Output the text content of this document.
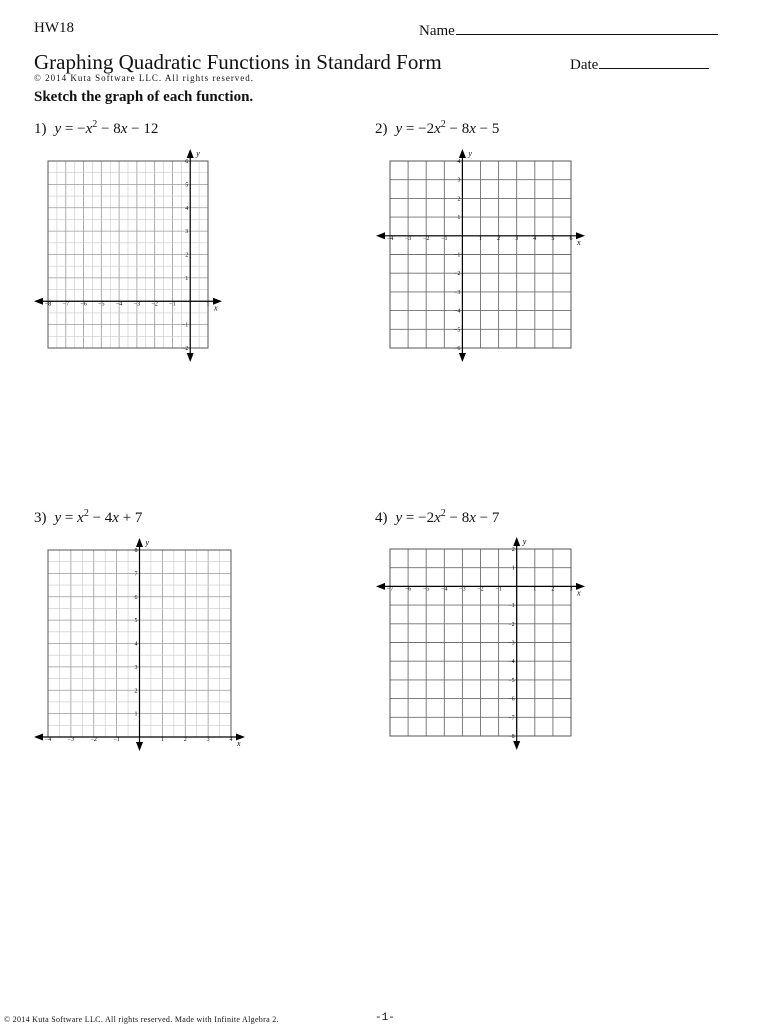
HW18	Name
Graphing Quadratic Functions in Standard Form	Date
© 2014 Kuta Software LLC. All rights reserved.
Sketch the graph of each function.
1) $y = -x^2 - 8x - 12$
−8 −7 −6 −5 −4 −3 −2 −1	1
−2
−1
1
2
3
4
5
6
x
y
2) $y = -2x^2 - 8x - 5$
−4 −3 −2 −1	1	2	3	4	5	6
−6
−5
−4
−3
−2
−1
1
2
3
4
x
y
3) $y = x^2 - 4x + 7$
−4	−3	−2	−1	1	2	3	4
1
2
3
4
5
6
7
8
x
y
4) $y = -2x^2 - 8x - 7$
−7 −6 −5 −4 −3 −2 −1	1	2	3
−8
−7
−6
−5
−4
−3
−2
−1
1
2
x
y
© 2014 Kuta Software LLC. All rights reserved. Made with Infinite Algebra 2.	-1-
